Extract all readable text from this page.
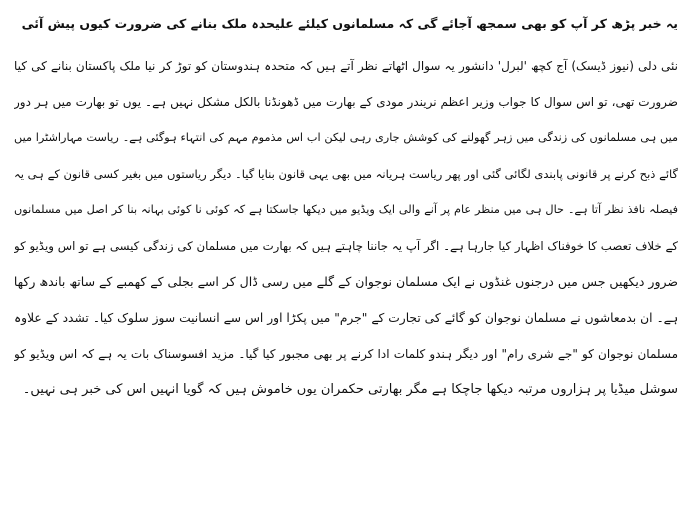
یہ خبر پڑھ کر آپ کو بھی سمجھ آجائے گی کہ مسلمانوں کیلئے علیحدہ ملک بنانے کی ضرورت کیوں پیش آئی
نئی دلی (نیوز ڈیسک) آج کچھ 'لبرل' دانشور یہ سوال اٹھاتے نظر آتے ہیں کہ متحدہ ہندوستان کو توڑ کر نیا ملک پاکستان بنانے کی کیا
ضرورت تھی، تو اس سوال کا جواب وزیر اعظم نریندر مودی کے بھارت میں ڈھونڈنا بالکل مشکل نہیں ہے۔ یوں تو بھارت میں ہر دور
میں ہی مسلمانوں کی زندگی میں زہر گھولنے کی کوشش جاری رہی لیکن اب اس مذموم مہم کی انتہاء ہوگئی ہے۔ ریاست مہاراشٹرا میں
گائے ذبح کرنے پر قانونی پابندی لگائی گئی اور پھر ریاست ہریانہ میں بھی یہی قانون بنایا گیا۔ دیگر ریاستوں میں بغیر کسی قانون کے ہی یہ
فیصلہ نافذ نظر آتا ہے۔ حال ہی میں منظر عام پر آنے والی ایک ویڈیو میں دیکھا جاسکتا ہے کہ کوئی نا کوئی بہانہ بنا کر اصل میں مسلمانوں
کے خلاف تعصب کا خوفناک اظہار کیا جارہا ہے۔ اگر آپ یہ جاننا چاہتے ہیں کہ بھارت میں مسلمان کی زندگی کیسی ہے تو اس ویڈیو کو
ضرور دیکھیں جس میں درجنوں غنڈوں نے ایک مسلمان نوجوان کے گلے میں رسی ڈال کر اسے بجلی کے کھمبے کے ساتھ باندھ رکھا
ہے۔ ان بدمعاشوں نے مسلمان نوجوان کو گائے کی تجارت کے "جرم" میں پکڑا اور اس سے انسانیت سوز سلوک کیا۔ تشدد کے علاوہ
مسلمان نوجوان کو "جے شری رام" اور دیگر ہندو کلمات ادا کرنے پر بھی مجبور کیا گیا۔ مزید افسوسناک بات یہ ہے کہ اس ویڈیو کو
سوشل میڈیا پر ہزاروں مرتبہ دیکھا جاچکا ہے مگر بھارتی حکمران یوں خاموش ہیں کہ گویا انہیں اس کی خبر ہی نہیں۔
